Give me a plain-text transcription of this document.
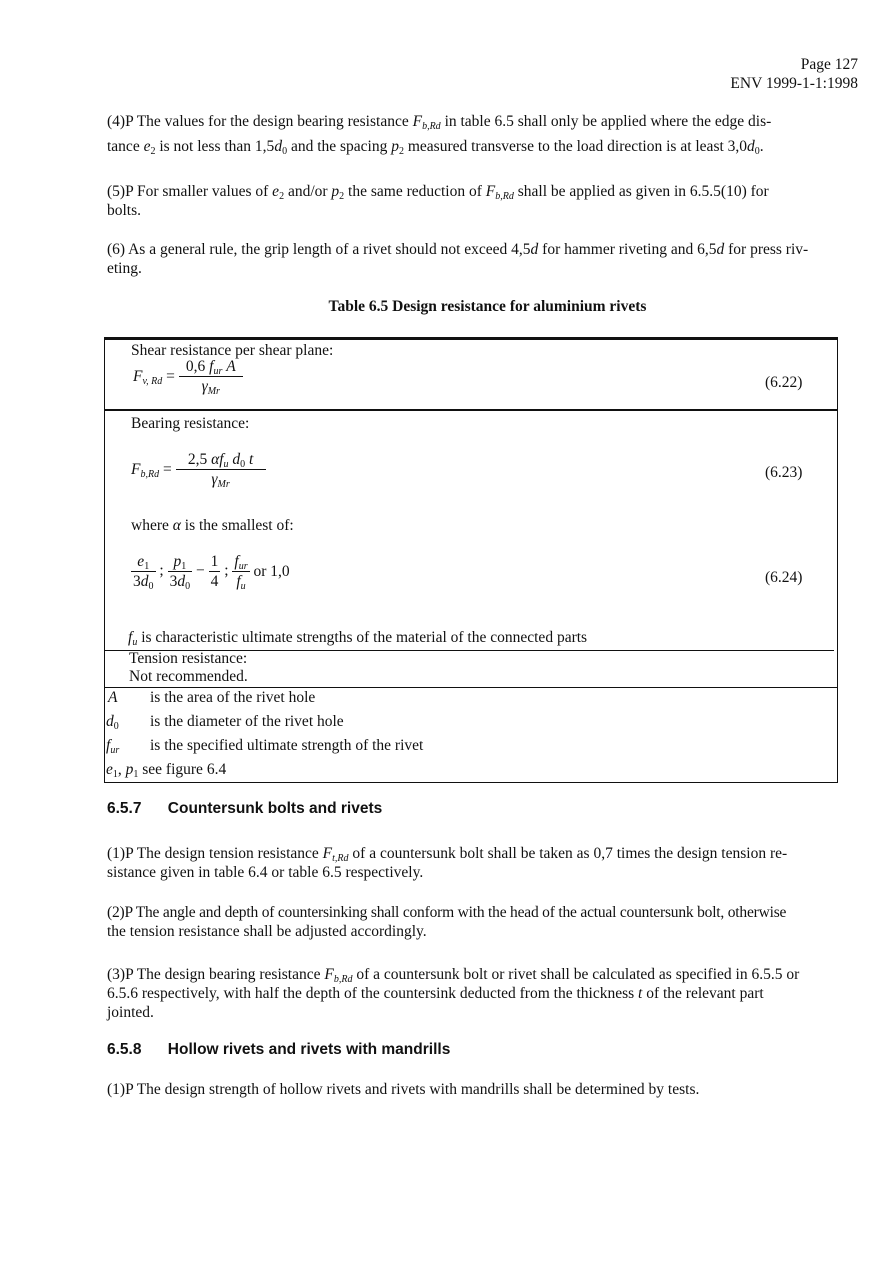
Page 127
ENV 1999-1-1:1998
(4)P The values for the design bearing resistance $F_{b,Rd}$ in table 6.5 shall only be applied where the edge dis-
tance $e_2$ is not less than $1,5d_0$ and the spacing $p_2$ measured transverse to the load direction is at least $3,0d_0$.
(5)P For smaller values of $e_2$ and/or $p_2$ the same reduction of $F_{b,Rd}$ shall be applied as given in 6.5.5(10) for
bolts.
(6) As a general rule, the grip length of a rivet should not exceed 4,5d for hammer riveting and 6,5d for press riv-
eting.
Table 6.5 Design resistance for aluminium rivets
Shear resistance per shear plane:
$F_{v, Rd} = \frac{0,6 f_{ur} A}{\gamma_{Mr}}$	(6.22)
Bearing resistance:
$F_{b,Rd} = \frac{2,5 \alpha f_u d_0 t}{\gamma_{Mr}}$	(6.23)
where α is the smallest of:
$\frac{e_1}{3d_0}$ ; $\frac{p_1}{3d_0} - \frac{1}{4}$ ; $\frac{f_{ur}}{f_u}$ or 1,0	(6.24)
$f_u$ is characteristic ultimate strengths of the material of the connected parts
Tension resistance:
Not recommended.
A is the area of the rivet hole
$d_0$ is the diameter of the rivet hole
$f_{ur}$ is the specified ultimate strength of the rivet
$e_1$, $p_1$ see figure 6.4
6.5.7 Countersunk bolts and rivets
(1)P The design tension resistance $F_{t,Rd}$ of a countersunk bolt shall be taken as 0,7 times the design tension re-
sistance given in table 6.4 or table 6.5 respectively.
(2)P The angle and depth of countersinking shall conform with the head of the actual countersunk bolt, otherwise
the tension resistance shall be adjusted accordingly.
(3)P The design bearing resistance $F_{b,Rd}$ of a countersunk bolt or rivet shall be calculated as specified in 6.5.5 or
6.5.6 respectively, with half the depth of the countersink deducted from the thickness t of the relevant part
jointed.
6.5.8 Hollow rivets and rivets with mandrills
(1)P The design strength of hollow rivets and rivets with mandrills shall be determined by tests.
